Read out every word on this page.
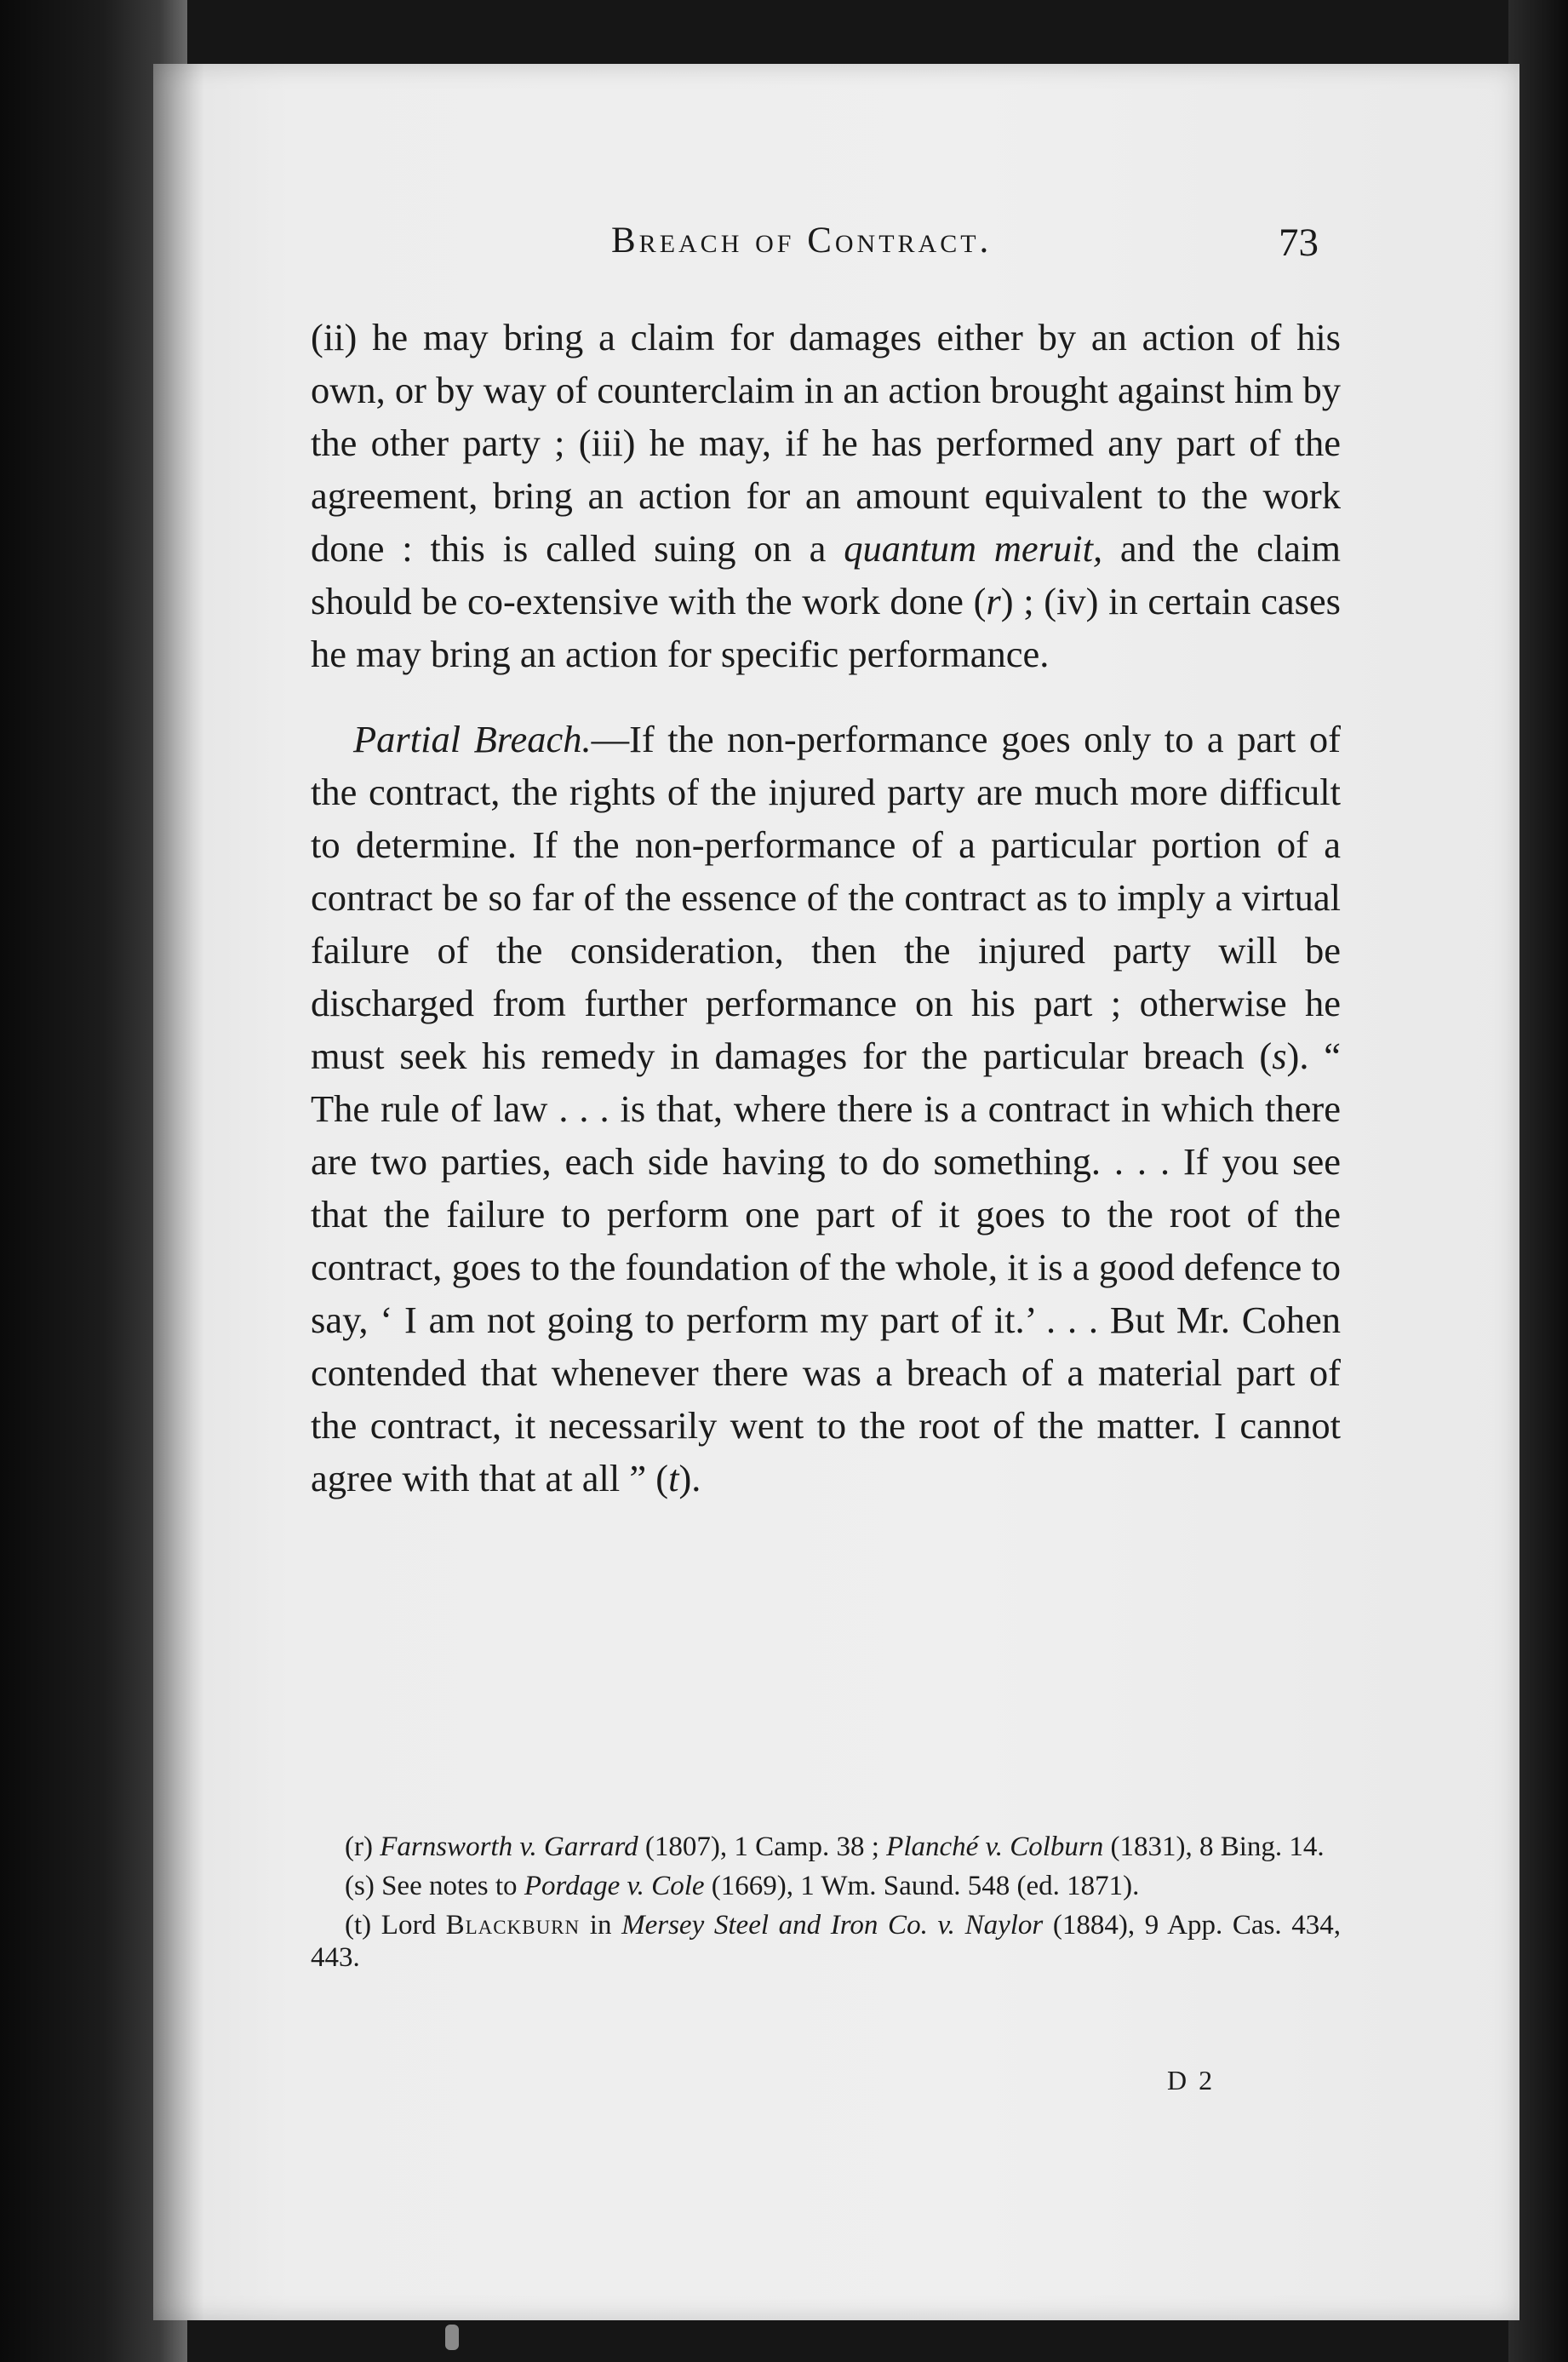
Breach of Contract.	73

(ii) he may bring a claim for damages either by an action of his own, or by way of counterclaim in an action brought against him by the other party ; (iii) he may, if he has performed any part of the agreement, bring an action for an amount equivalent to the work done : this is called suing on a quantum meruit, and the claim should be co-extensive with the work done (r) ; (iv) in certain cases he may bring an action for specific performance.

Partial Breach.—If the non-performance goes only to a part of the contract, the rights of the injured party are much more difficult to determine. If the non-performance of a particular portion of a contract be so far of the essence of the contract as to imply a virtual failure of the consideration, then the injured party will be discharged from further performance on his part ; otherwise he must seek his remedy in damages for the particular breach (s). “ The rule of law . . . is that, where there is a contract in which there are two parties, each side having to do something. . . . If you see that the failure to perform one part of it goes to the root of the contract, goes to the foundation of the whole, it is a good defence to say, ‘ I am not going to perform my part of it.’ . . . But Mr. Cohen contended that whenever there was a breach of a material part of the contract, it necessarily went to the root of the matter. I cannot agree with that at all ” (t).

(r) Farnsworth v. Garrard (1807), 1 Camp. 38 ; Planché v. Colburn (1831), 8 Bing. 14.

(s) See notes to Pordage v. Cole (1669), 1 Wm. Saund. 548 (ed. 1871).

(t) Lord Blackburn in Mersey Steel and Iron Co. v. Naylor (1884), 9 App. Cas. 434, 443.

D 2
